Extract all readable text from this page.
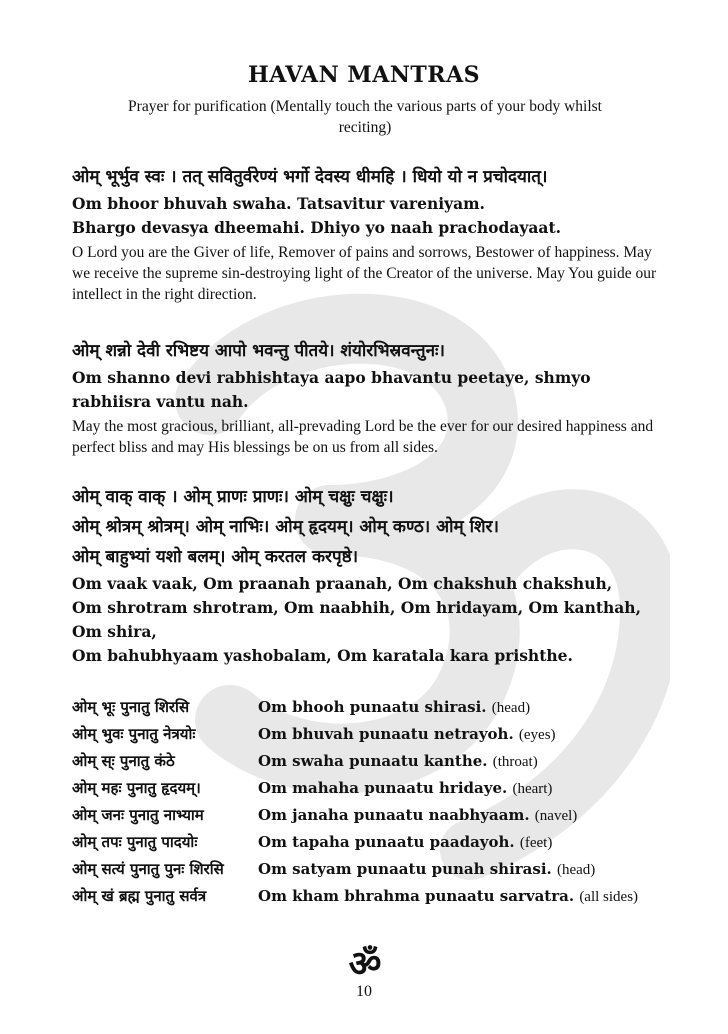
HAVAN MANTRAS
Prayer for purification (Mentally touch the various parts of your body whilst reciting)
ओम् भूर्भुव स्वः । तत् सवितुर्वरेण्यं भर्गो देवस्य धीमहि । धियो यो न प्रचोदयात्।
Om bhoor bhuvah swaha. Tatsavitur vareniyam.
Bhargo devasya dheemahi. Dhiyo yo naah prachodayaat.
O Lord you are the Giver of life, Remover of pains and sorrows, Bestower of happiness. May we receive the supreme sin-destroying light of the Creator of the universe. May You guide our intellect in the right direction.
ओम् शन्नो देवी रभिष्टय आपो भवन्तु पीतये। शंयोरभिस्रवन्तुनः।
Om shanno devi rabhishtaya aapo bhavantu peetaye, shmyo rabhiisra vantu nah.
May the most gracious, brilliant, all-prevading Lord be the ever for our desired happiness and perfect bliss and may His blessings be on us from all sides.
ओम् वाक् वाक् । ओम् प्राणः प्राणः। ओम् चक्षुः चक्षुः।
ओम् श्रोत्रम् श्रोत्रम्। ओम् नाभिः। ओम् हृदयम्। ओम् कण्ठ। ओम् शिर।
ओम् बाहुभ्यां यशो बलम्। ओम् करतल करपृष्ठे।
Om vaak vaak, Om praanah praanah, Om chakshuh chakshuh,
Om shrotram shrotram, Om naabhih, Om hridayam, Om kanthah, Om shira,
Om bahubhyaam yashobalam, Om karatala kara prishthe.
ओम् भूः पुनातु शिरसि	Om bhooh punaatu shirasi. (head)
ओम् भुवः पुनातु नेत्रयोः	Om bhuvah punaatu netrayoh. (eyes)
ओम् स्ः पुनातु कंठे	Om swaha punaatu kanthe. (throat)
ओम् महः पुनातु हृदयम्।	Om mahaha punaatu hridaye. (heart)
ओम् जनः पुनातु नाभ्याम	Om janaha punaatu naabhyaam. (navel)
ओम् तपः पुनातु पादयोः	Om tapaha punaatu paadayoh. (feet)
ओम् सत्यं पुनातु पुनः शिरसि Om satyam punaatu punah shirasi. (head)
ओम् खं ब्रह्म पुनातु सर्वत्र	Om kham bhrahma punaatu sarvatra. (all sides)
ॐ
10
